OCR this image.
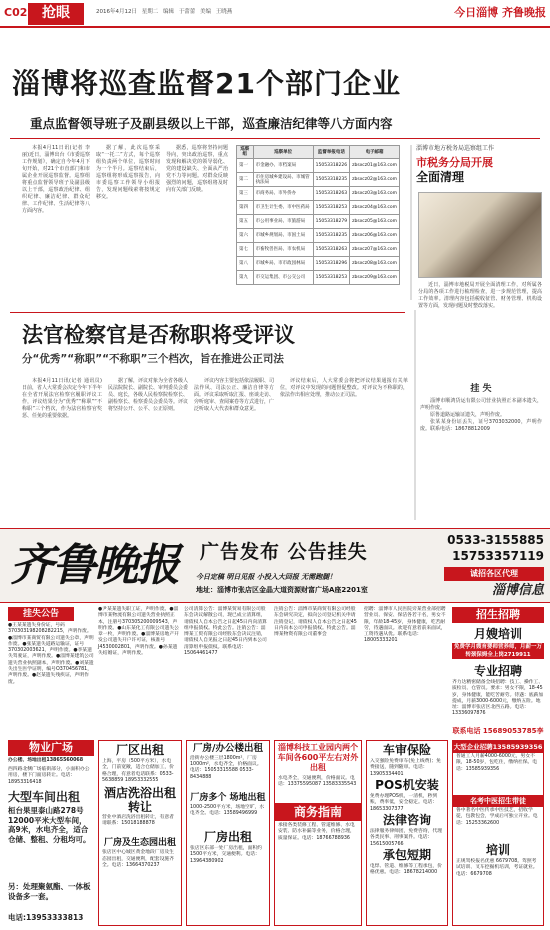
C02	抢眼	2016年4月12日 星期二 编辑 于蕾蕾 美编 王晓燕	今日淄博 齐鲁晚报
淄博将巡查监督21个部门企业
重点监督领导班子及副县级以上干部，巡查廉洁纪律等八方面内容

本报4月11日讯(记者 李丽)近日，淄博出台《市委巡察工作规划》，确定自今年4月下旬开始，对21个市直部门和市属企业开展巡察监督。巡察组将重点监督领导班子及副县级以上干部，巡察政治纪律、组织纪律、廉洁纪律、群众纪律、工作纪律、生活纪律等八方面内容。

据了解，此次巡察采取“一托二”方式，每个巡察组负责两个单位，巡察时间为一个半月。巡察结束后，巡察组将形成巡察报告，向市委巡察工作领导小组报告，发现问题线索将按规定移交。

据悉，巡察将坚持问题导向，突出政治巡察，重点发现和解决党的领导弱化、党的建设缺失、全面从严治党不力等问题。对群众反映强烈的问题，巡察组将及时向有关部门反映。

巡察组	巡察单位	监督举报电话	电子邮箱
第一	市金融办、市档案局	15053318226	zbsxcz01@163.com
第二	市住房城乡建设局、市城管执法局	15053318235	zbsxcz02@163.com
第三	市商务局、市外侨办	15053318263	zbsxcz03@163.com
第四	市卫生计生委、市中医药局	15053318253	zbsxcz04@163.com
第五	市公用事业局、市旅游局	15053318279	zbsxcz05@163.com
第六	市城乡规划局、市国土局	15053318235	zbsxcz06@163.com
第七	市畜牧兽医局、市农机局	15053318263	zbsxcz07@163.com
第八	市城乡局、市市政园林局	15053318296	zbsxcz08@163.com
第九	市交运集团、市公交公司	15053318253	zbsxcz09@163.com
淄博市地方税务局巡察组工作
市税务分局开展
全面清理

近日，淄博市地税局开展全面清理工作，对所属各分局的各项工作进行梳理检查，进一步规范管理，提高工作效率。清理内容包括税收征管、财务管理、机构设置等方面，发现问题及时整改落实。

法官检察官是否称职将受评议
分“优秀”“称职”“不称职”三个档次，旨在推进公正司法

本报4月11日讯(记者 通讯员)日前，省人大常委会决定今年下半年在全省开展法官检察官履职评议工作，评议结果分为“优秀”“称职”“不称职”三个档次，作为法官检察官奖惩、任免的重要依据。

据了解，评议对象为全省各级人民法院院长、副院长、审判委员会委员、庭长，各级人民检察院检察长、副检察长、检察委员会委员等。评议将坚持公开、公平、公正原则。

评议内容主要包括依法履职、司法作风、司法公正、廉洁自律等方面。评议采取听取汇报、座谈走访、旁听庭审、查阅案卷等方式进行，广泛听取人大代表和群众意见。

评议结束后，人大常委会将把评议结果通报有关单位，对评议中发现的问题督促整改。对评议为不称职的，依法作出相应处理，推动公正司法。

挂 失

淄博市顺鸿货运有限公司营业执照正本副本遗失，声明作废。

原鲁道路运输证遗失，声明作废。

张某某身份证丢失，证号3703032000，声明作废。联系电话：18678812009

齐鲁晚报	广告发布 公告挂失
今日定稿 明日见报 小投入大回报 无需跑腿！
地址：淄博市张店区金晶大道资源财富广场A座2201室
0533-3155885
15753357119
诚招各区代理
淄博信息
挂失公告
●王某某遗失身份证，号码370303198208282215，声明作废。●淄博市某商贸有限公司遗失公章，声明作废。●张某遗失道路运输证，证号370302003621，声明作废。●李某遗失驾驶证，声明作废。●淄博某建筑公司遗失营业执照副本，声明作废。●刘某遗失出生医学证明，编号O370456781，声明作废。●赵某遗失残疾证，声明作废。
●尹某某遗失职工证，声明作废。●淄博市某物流有限公司遗失营业执照正本，注册号370305200009543，声明作废。●山东某化工有限公司遗失公章一枚，声明作废。●淄博某房地产开发公司遗失开户许可证，核准号J4530002801，声明作废。●孙某遗失结婚证，声明作废。
公司清算公告：淄博某贸易有限公司股东会决议解散公司，现已成立清算组，请债权人自本公告之日起45日内向清算组申报债权。特此公告。注销公告：淄博某工贸有限公司经股东会决议注销，请债权人自见报之日起45日内到本公司清算组申报债权。联系电话：15064461477
注销公告：淄博市某商贸有限公司经股东会研究决定，拟向公司登记机关申请注销登记，请债权人自本公告之日起45日内向本公司申报债权。特此公告。淄博某物资有限公司董事会
招聘：淄博市人民医院旁某营业部招聘营业员、保安、保洁各若干名，男女不限，年龄18-45岁，身体健康，吃苦耐劳，待遇面议。欢迎有意者前来面试，工资待遇从优。联系电话：18005333201
招生招聘
月嫂培训
免费学月嫂育婴师营养师，月薪一万转颈保姆全上岗2719911
专业招聘
齐力达精密储备全线招聘：技工、操作工、质检员、仓管员。要求：男女不限，18-45岁，身体健康，能吃苦耐劳。待遇：底薪加提成，月薪3000-6000元，缴纳五险。地址：淄博市张店区北西五路。电话：13336097876
联系电话 15689053785李
物业广场
办公楼、场地出租13865560068
西四路北侧广场临街部分，小面积办公用房，楼下门面房转让。电话：18953316418
大型车间出租
桓台果里泰山路278号12000平米大型车间，高9米，水电齐全，适合仓储、整租、分租均可。
另：处理聚氨酯、一体板设备多一套。
电话:13953333813
厂区出租
上海，平房（500平方米），水电全，门前宽敞，适合仓储加工，价格合理，有意者电话联系：0533-5638859 18953332555
酒店洗浴出租转让
营业中酒店洗浴出租转让，有意者请联系：15018188878
厂房及生态园出租
张店区中心城区黄金地段厂房及生态园出租，交通便利，配套设施齐全。电话：13664370237
厂房/办公楼出租
沿街办公楼三层1800m²，厂房1000m²，水电齐全，价格面议。电话：15053315588 0533-8434888
厂房多个 场地出租
1000-2500平方米，场地空旷，水电齐全。电话：13589496999
厂房出租
张店区东部一处厂房出租，面积约1500平方米，交通便利。电话：13964380902
淄博科技工业园内两个车间各600平左右对外出租
水电齐全，交通便利，价格面议。电话：13375595087 13583335543
商务指南
承接各类装修工程、管道维修、水电安装、防水补漏等业务，价格合理，质量保证。电话：18766788936
车审保险
入交强险免费审车(免上线费)；免费接送，随到随审。电话：13905334401
POS机安装
免费办理POS机，一清机，秒到账，费率低，安全稳定。电话：18653307377
法律咨询
法律服务律师团，免费咨询，代理各类民事、刑事案件。电话：15615005766
承包短期
电焊、管道、维修等工程承包，价格优惠。电话：18678214000
大型企业招聘13585939356
普通工人月薪4000-6000元，男女不限，18-50岁，包吃住，缴纳社保。电话：13585939356
名考中医招生带徒
鲁中著名中医传承中医技艺，招收学徒，包教包会，学成后可独立开业。电话：15253362600
培训
正规驾校报名优惠 6679708。驾照考试培训、叉车挖掘机培训，考证就业。电话：6679708
